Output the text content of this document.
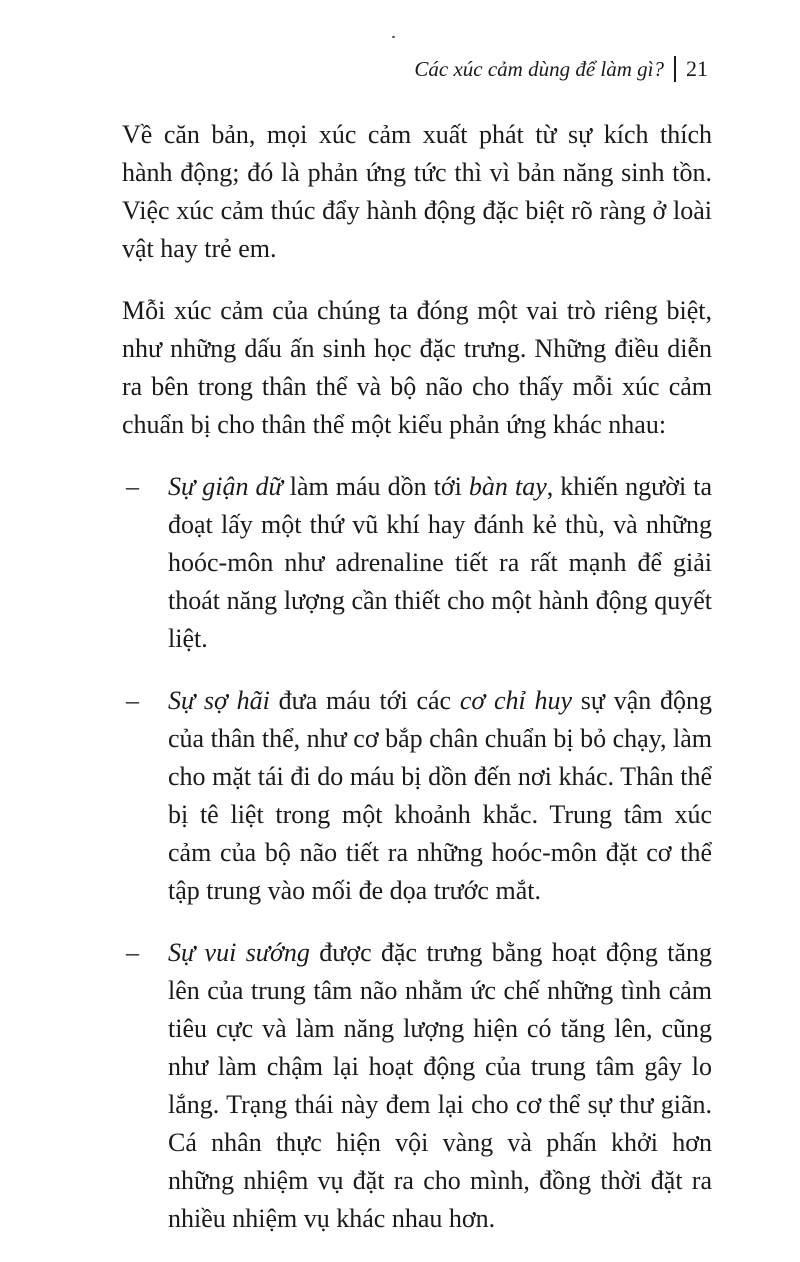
Các xúc cảm dùng để làm gì? 21

Về căn bản, mọi xúc cảm xuất phát từ sự kích thích hành động; đó là phản ứng tức thì vì bản năng sinh tồn. Việc xúc cảm thúc đẩy hành động đặc biệt rõ ràng ở loài vật hay trẻ em.

Mỗi xúc cảm của chúng ta đóng một vai trò riêng biệt, như những dấu ấn sinh học đặc trưng. Những điều diễn ra bên trong thân thể và bộ não cho thấy mỗi xúc cảm chuẩn bị cho thân thể một kiểu phản ứng khác nhau:

– Sự giận dữ làm máu dồn tới bàn tay, khiến người ta đoạt lấy một thứ vũ khí hay đánh kẻ thù, và những hoóc-môn như adrenaline tiết ra rất mạnh để giải thoát năng lượng cần thiết cho một hành động quyết liệt.
– Sự sợ hãi đưa máu tới các cơ chỉ huy sự vận động của thân thể, như cơ bắp chân chuẩn bị bỏ chạy, làm cho mặt tái đi do máu bị dồn đến nơi khác. Thân thể bị tê liệt trong một khoảnh khắc. Trung tâm xúc cảm của bộ não tiết ra những hoóc-môn đặt cơ thể tập trung vào mối đe dọa trước mắt.
– Sự vui sướng được đặc trưng bằng hoạt động tăng lên của trung tâm não nhằm ức chế những tình cảm tiêu cực và làm năng lượng hiện có tăng lên, cũng như làm chậm lại hoạt động của trung tâm gây lo lắng. Trạng thái này đem lại cho cơ thể sự thư giãn. Cá nhân thực hiện vội vàng và phấn khởi hơn những nhiệm vụ đặt ra cho mình, đồng thời đặt ra nhiều nhiệm vụ khác nhau hơn.
